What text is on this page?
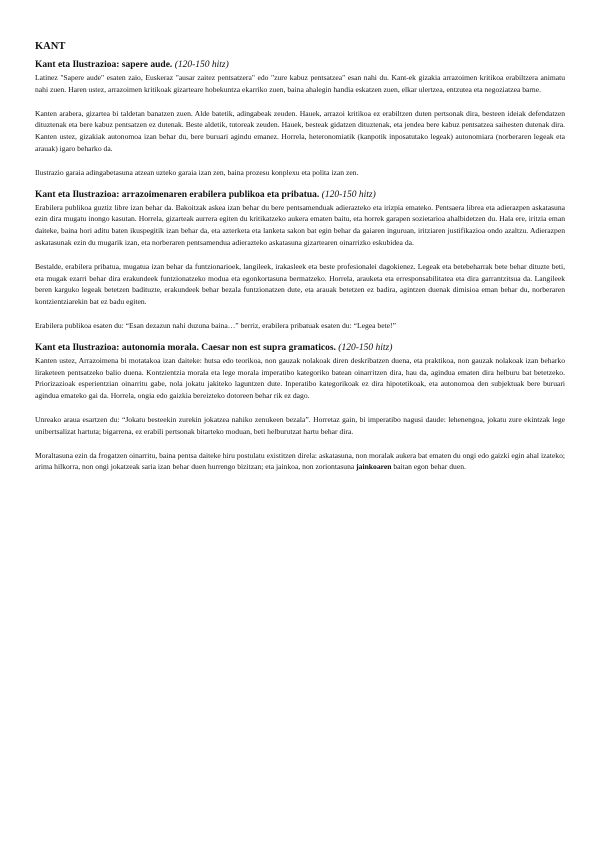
KANT
Kant eta Ilustrazioa: sapere aude. (120-150 hitz)

Latinez "Sapere aude" esaten zaio, Euskeraz "ausar zaitez pentsatzera" edo "zure kabuz pentsatzea" esan nahi du. Kant-ek gizakia arrazoimen kritikoa erabiltzera animatu nahi zuen. Haren ustez, arrazoimen kritikoak gizarteare hobekuntza ekarriko zuen, baina ahalegin handia eskatzen zuen, elkar ulertzea, entzutea eta negoziatzea barne.

Kanten arabera, gizartea bi taldetan banatzen zuen. Alde batetik, adingabeak zeuden. Hauek, arrazoi kritikoa ez erabiltzen duten pertsonak dira, besteen ideiak defendatzen dituztenak eta bere kabuz pentsatzen ez dutenak. Beste aldetik, tutoreak zeuden. Hauek, besteak gidatzen dituztenak, eta jendea bere kabuz pentsatzea saihesten dutenak dira. Kanten ustez, gizakiak autonomoa izan behar du, bere buruari agindu emanez. Horrela, heteronomiatik (kanpotik inposatutako legeak) autonomiara (norberaren legeak eta arauak) igaro beharko da.

Ilustrazio garaia adingabetasuna atzean uzteko garaia izan zen, baina prozesu konplexu eta polita izan zen.

Kant eta Ilustrazioa: arrazoimenaren erabilera publikoa eta pribatua. (120-150 hitz)

Erabilera publikoa guztiz libre izan behar da. Bakoitzak askea izan behar du bere pentsamenduak adierazteko eta irizpia emateko. Pentsaera librea eta adierazpen askatasuna ezin dira mugatu inongo kasutan. Horrela, gizarteak aurrera egiten du kritikatzeko aukera ematen baitu, eta horrek garapen sozietarioa ahalbidetzen du. Hala ere, iritzia eman daiteke, baina hori aditu baten ikuspegitik izan behar da, eta azterketa eta lanketa sakon bat egin behar da gaiaren inguruan, iritziaren justifikazioa ondo azaltzu. Adierazpen askatasunak ezin du mugarik izan, eta norberaren pentsamendua adierazteko askatasuna gizartearen oinarrizko eskubidea da.

Bestalde, erabilera pribatua, mugatua izan behar da funtzionarioek, langileek, irakasleek eta beste profesionalei dagokienez. Legeak eta betebeharrak bete behar dituzte beti, eta mugak ezarri behar dira erakundeek funtzionatzeko modua eta egonkortasuna bermatzeko. Horrela, arauketa eta erresponsabilitatea eta dira garrantzitsua da. Langileek beren karguko legeak betetzen badituzte, erakundeek behar bezala funtzionatzen dute, eta arauak betetzen ez badira, agintzen duenak dimisioa eman behar du, norberaren kontzientziarekin bat ez badu egiten.

Erabilera publikoa esaten du: “Esan dezazun nahi duzuna baina…” berriz, erabilera pribatuak esaten du: “Legea bete!”

Kant eta Ilustrazioa: autonomia morala. Caesar non est supra gramaticos. (120-150 hitz)

Kanten ustez, Arrazoimena bi motatakoa izan daiteke: hutsa edo teorikoa, non gauzak nolakoak diren deskribatzen duena, eta praktikoa, non gauzak nolakoak izan beharko liraketeen pentsatzeko balio duena. Kontzientzia morala eta lege morala imperatibo kategoriko batean oinarritzen dira, hau da, agindua ematen dira helburu bat betetzeko. Priorizazioak esperientzian oinarritu gabe, nola jokatu jakiteko laguntzen dute. Inperatibo kategorikoak ez dira hipotetikoak, eta autonomoa den subjektuak bere buruari agindua emateko gai da. Horrela, ongia edo gaizkia bereizteko dotoreen behar rik ez dago.

Unreako araua esartzen du: “Jokatu besteekin zurekin jokatzea nahiko zenukeen bezala”. Horretaz gain, bi imperatibo nagusi daude: lehenengoa, jokatu zure ekintzak lege unibertsalizat hartuta; bigarrena, ez erabili pertsonak bitarteko moduan, beti helburutzat hartu behar dira.

Moraltasuna ezin da frogatzen oinarritu, baina pentsa daiteke hiru postulatu existitzen direla: askatasuna, non moralak aukera bat ematen du ongi edo gaizki egin ahal izateko; arima hilkorra, non ongi jokatzeak saria izan behar duen hurrengo bizitzan; eta jainkoa, non zoriontasuna jainkoaren baitan egon behar duen.
